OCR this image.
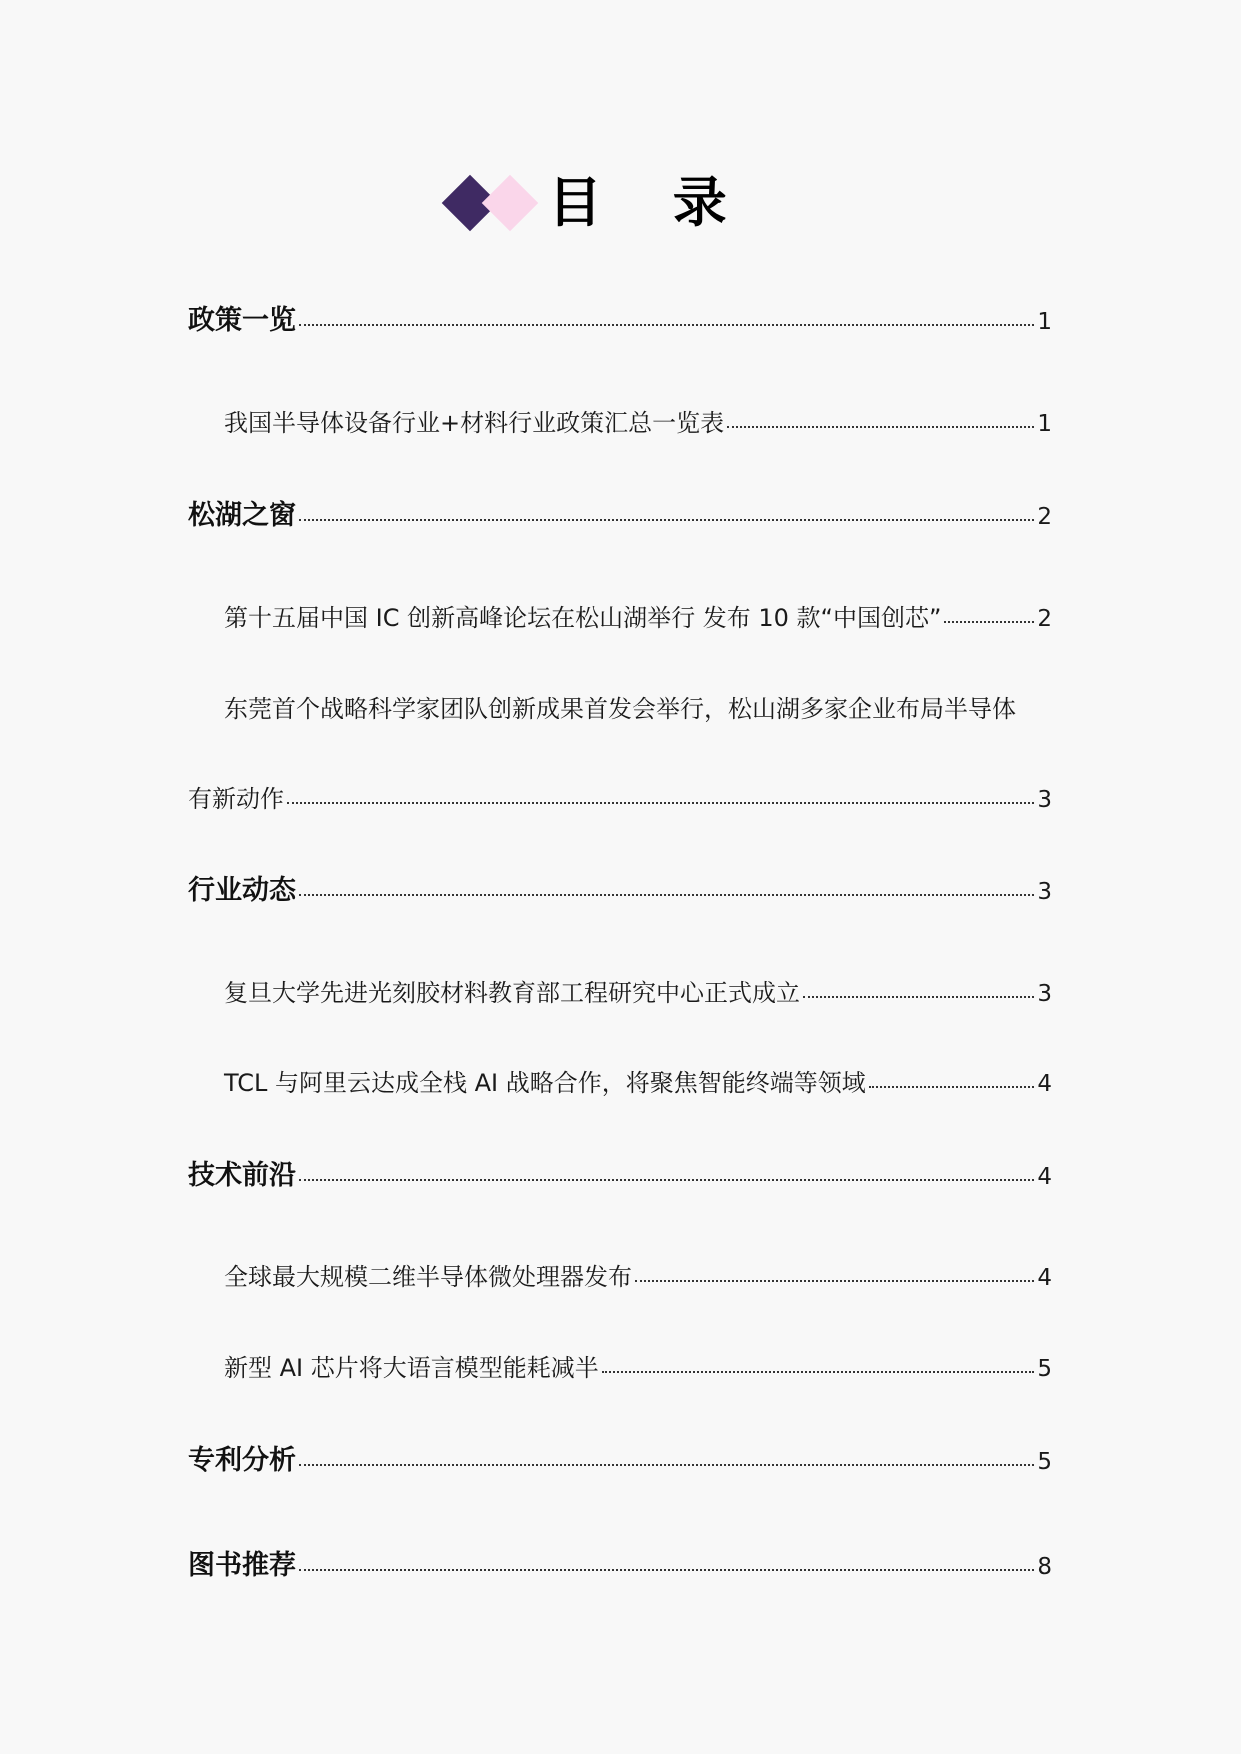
目 录
政策一览	1
我国半导体设备行业+材料行业政策汇总一览表	1
松湖之窗	2
第十五届中国 IC 创新高峰论坛在松山湖举行 发布 10 款“中国创芯”	2
东莞首个战略科学家团队创新成果首发会举行，松山湖多家企业布局半导体
有新动作	3
行业动态	3
复旦大学先进光刻胶材料教育部工程研究中心正式成立	3
TCL 与阿里云达成全栈 AI 战略合作，将聚焦智能终端等领域	4
技术前沿	4
全球最大规模二维半导体微处理器发布	4
新型 AI 芯片将大语言模型能耗减半	5
专利分析	5
图书推荐	8
